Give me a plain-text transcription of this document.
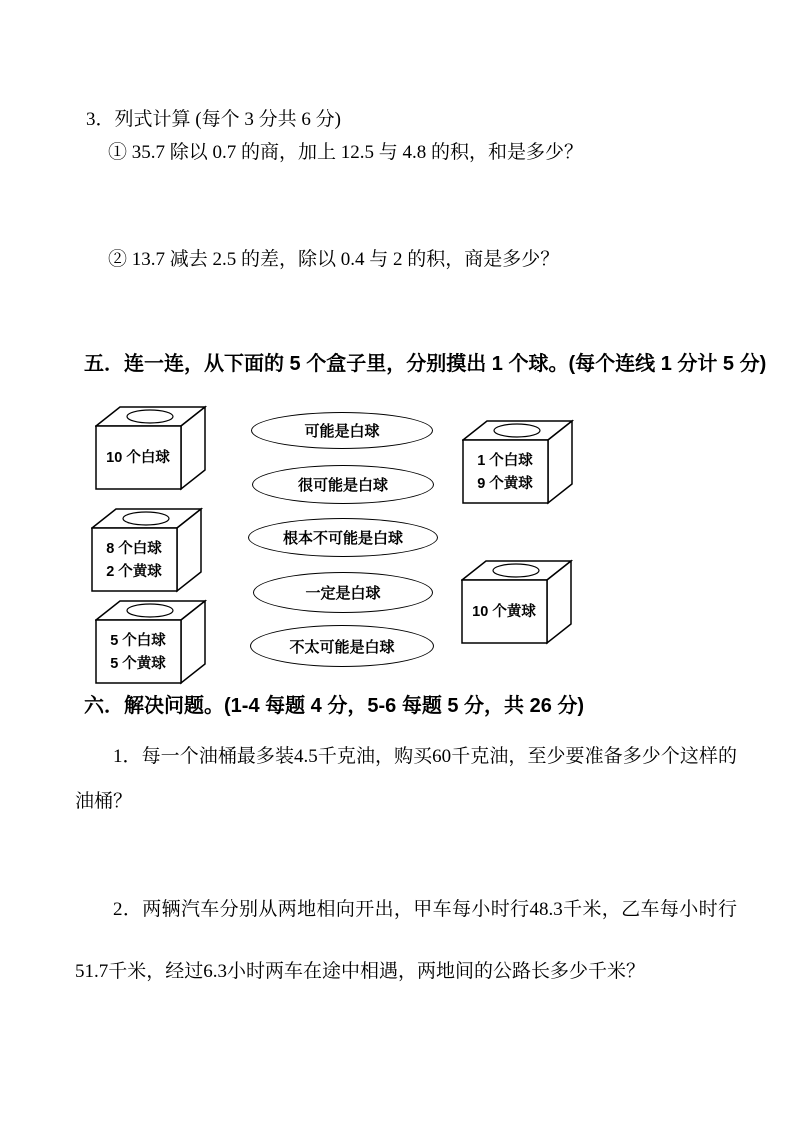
3．列式计算 (每个 3 分共 6 分)
① 35.7 除以 0.7 的商，加上 12.5 与 4.8 的积，和是多少？
② 13.7 减去 2.5 的差，除以 0.4 与 2 的积，商是多少？
五．连一连，从下面的 5 个盒子里，分别摸出 1 个球。(每个连线 1 分计 5 分)
10 个白球	1 个白球
9 个黄球
8 个白球
2 个黄球
10 个黄球
5 个白球
5 个黄球
可能是白球
很可能是白球
根本不可能是白球
一定是白球
不太可能是白球
六．解决问题。(1-4 每题 4 分，5-6 每题 5 分，共 26 分)

1．每一个油桶最多装4.5千克油，购买60千克油，至少要准备多少个这样的油桶？

2．两辆汽车分别从两地相向开出，甲车每小时行48.3千米，乙车每小时行51.7千米，经过6.3小时两车在途中相遇，两地间的公路长多少千米？
